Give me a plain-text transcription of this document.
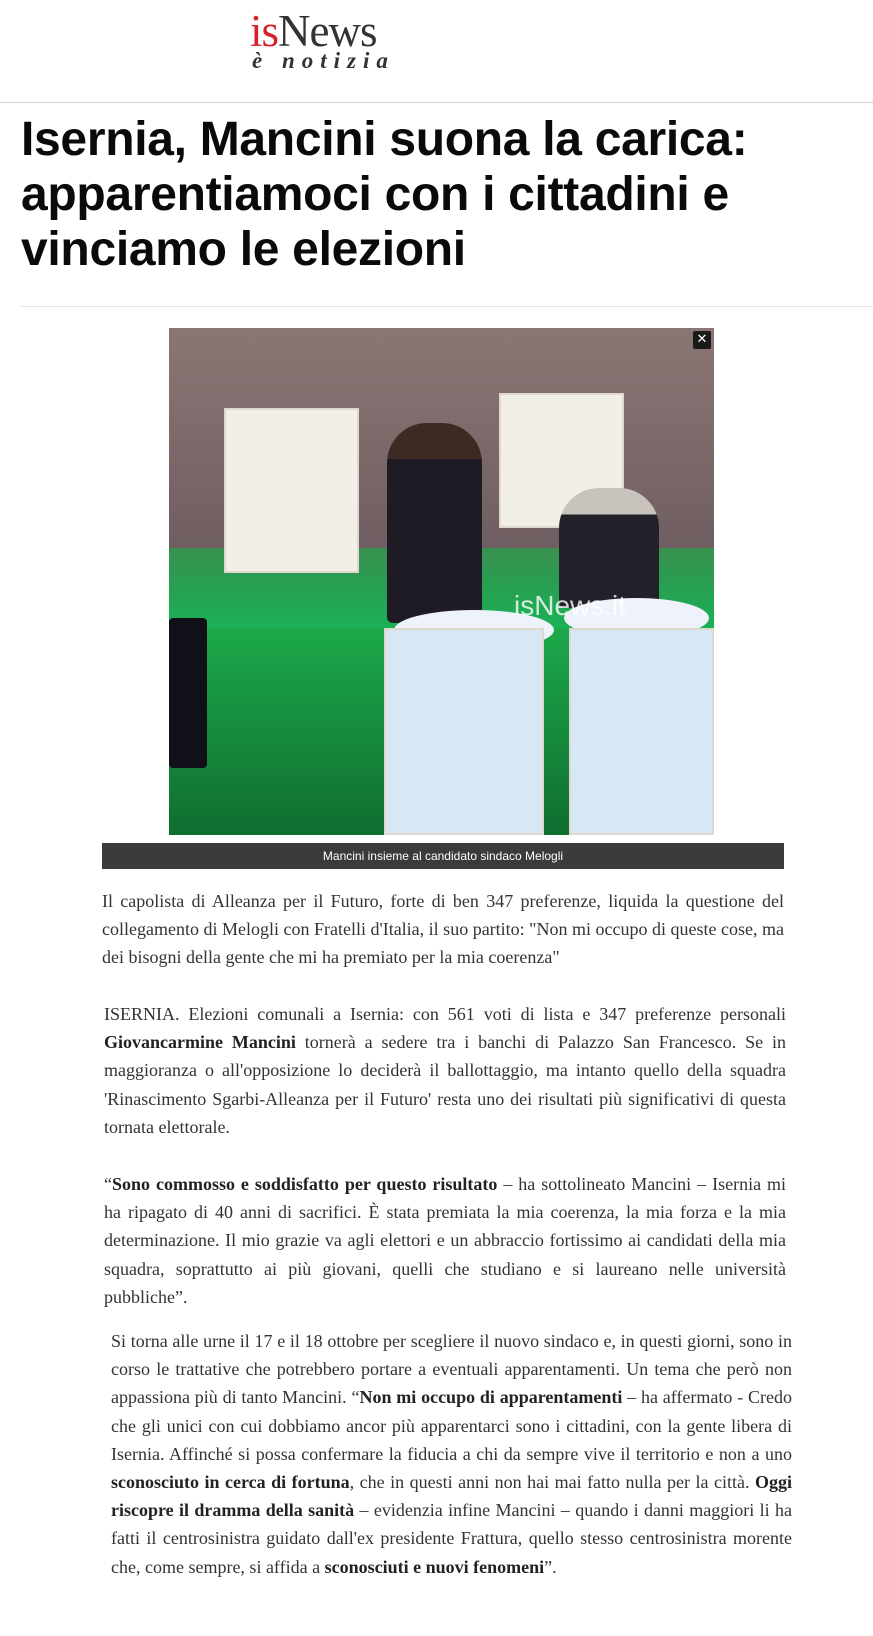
isNews
è notizia
Isernia, Mancini suona la carica: apparentiamoci con i cittadini e vinciamo le elezioni
isNews.it
✕
Mancini insieme al candidato sindaco Melogli

Il capolista di Alleanza per il Futuro, forte di ben 347 preferenze, liquida la questione del collegamento di Melogli con Fratelli d'Italia, il suo partito: "Non mi occupo di queste cose, ma dei bisogni della gente che mi ha premiato per la mia coerenza"

ISERNIA. Elezioni comunali a Isernia: con 561 voti di lista e 347 preferenze personali Giovancarmine Mancini tornerà a sedere tra i banchi di Palazzo San Francesco. Se in maggioranza o all'opposizione lo deciderà il ballottaggio, ma intanto quello della squadra 'Rinascimento Sgarbi-Alleanza per il Futuro' resta uno dei risultati più significativi di questa tornata elettorale.

“Sono commosso e soddisfatto per questo risultato – ha sottolineato Mancini – Isernia mi ha ripagato di 40 anni di sacrifici. È stata premiata la mia coerenza, la mia forza e la mia determinazione. Il mio grazie va agli elettori e un abbraccio fortissimo ai candidati della mia squadra, soprattutto ai più giovani, quelli che studiano e si laureano nelle università pubbliche”.

Si torna alle urne il 17 e il 18 ottobre per scegliere il nuovo sindaco e, in questi giorni, sono in corso le trattative che potrebbero portare a eventuali apparentamenti. Un tema che però non appassiona più di tanto Mancini. “Non mi occupo di apparentamenti – ha affermato - Credo che gli unici con cui dobbiamo ancor più apparentarci sono i cittadini, con la gente libera di Isernia. Affinché si possa confermare la fiducia a chi da sempre vive il territorio e non a uno sconosciuto in cerca di fortuna, che in questi anni non hai mai fatto nulla per la città. Oggi riscopre il dramma della sanità – evidenzia infine Mancini – quando i danni maggiori li ha fatti il centrosinistra guidato dall'ex presidente Frattura, quello stesso centrosinistra morente che, come sempre, si affida a sconosciuti e nuovi fenomeni”.
